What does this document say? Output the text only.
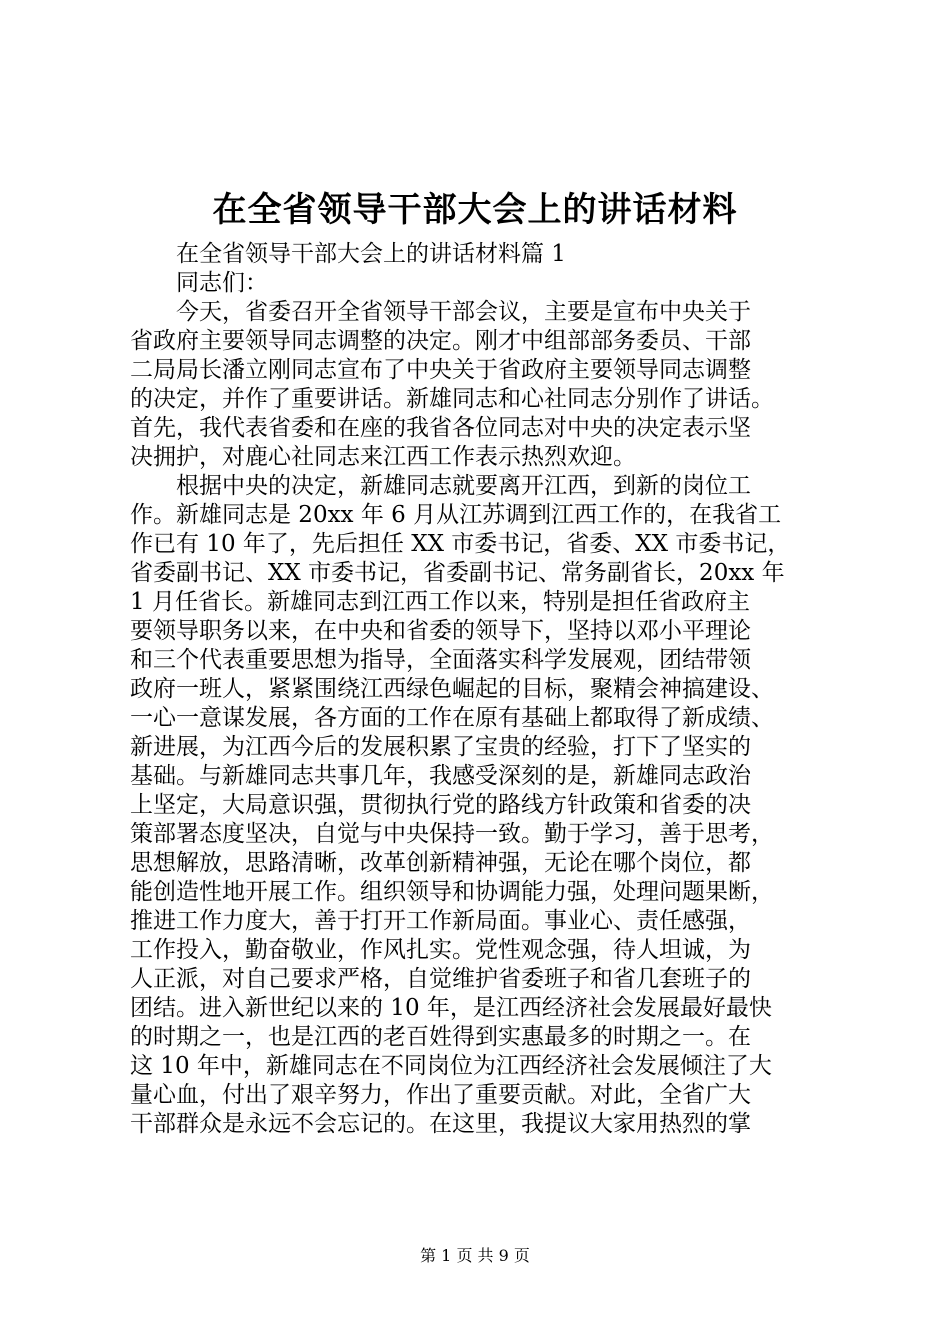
在全省领导干部大会上的讲话材料
在全省领导干部大会上的讲话材料篇 1
同志们：
今天，省委召开全省领导干部会议，主要是宣布中央关于
省政府主要领导同志调整的决定。刚才中组部部务委员、干部
二局局长潘立刚同志宣布了中央关于省政府主要领导同志调整
的决定，并作了重要讲话。新雄同志和心社同志分别作了讲话。
首先，我代表省委和在座的我省各位同志对中央的决定表示坚
决拥护，对鹿心社同志来江西工作表示热烈欢迎。
根据中央的决定，新雄同志就要离开江西，到新的岗位工
作。新雄同志是 20xx 年 6 月从江苏调到江西工作的，在我省工
作已有 10 年了，先后担任 XX 市委书记，省委、XX 市委书记，
省委副书记、XX 市委书记，省委副书记、常务副省长，20xx 年
1 月任省长。新雄同志到江西工作以来，特别是担任省政府主
要领导职务以来，在中央和省委的领导下，坚持以邓小平理论
和三个代表重要思想为指导，全面落实科学发展观，团结带领
政府一班人，紧紧围绕江西绿色崛起的目标，聚精会神搞建设、
一心一意谋发展，各方面的工作在原有基础上都取得了新成绩、
新进展，为江西今后的发展积累了宝贵的经验，打下了坚实的
基础。与新雄同志共事几年，我感受深刻的是，新雄同志政治
上坚定，大局意识强，贯彻执行党的路线方针政策和省委的决
策部署态度坚决，自觉与中央保持一致。勤于学习，善于思考，
思想解放，思路清晰，改革创新精神强，无论在哪个岗位，都
能创造性地开展工作。组织领导和协调能力强，处理问题果断，
推进工作力度大，善于打开工作新局面。事业心、责任感强，
工作投入，勤奋敬业，作风扎实。党性观念强，待人坦诚，为
人正派，对自己要求严格，自觉维护省委班子和省几套班子的
团结。进入新世纪以来的 10 年，是江西经济社会发展最好最快
的时期之一，也是江西的老百姓得到实惠最多的时期之一。在
这 10 年中，新雄同志在不同岗位为江西经济社会发展倾注了大
量心血，付出了艰辛努力，作出了重要贡献。对此，全省广大
干部群众是永远不会忘记的。在这里，我提议大家用热烈的掌
第 1 页 共 9 页
